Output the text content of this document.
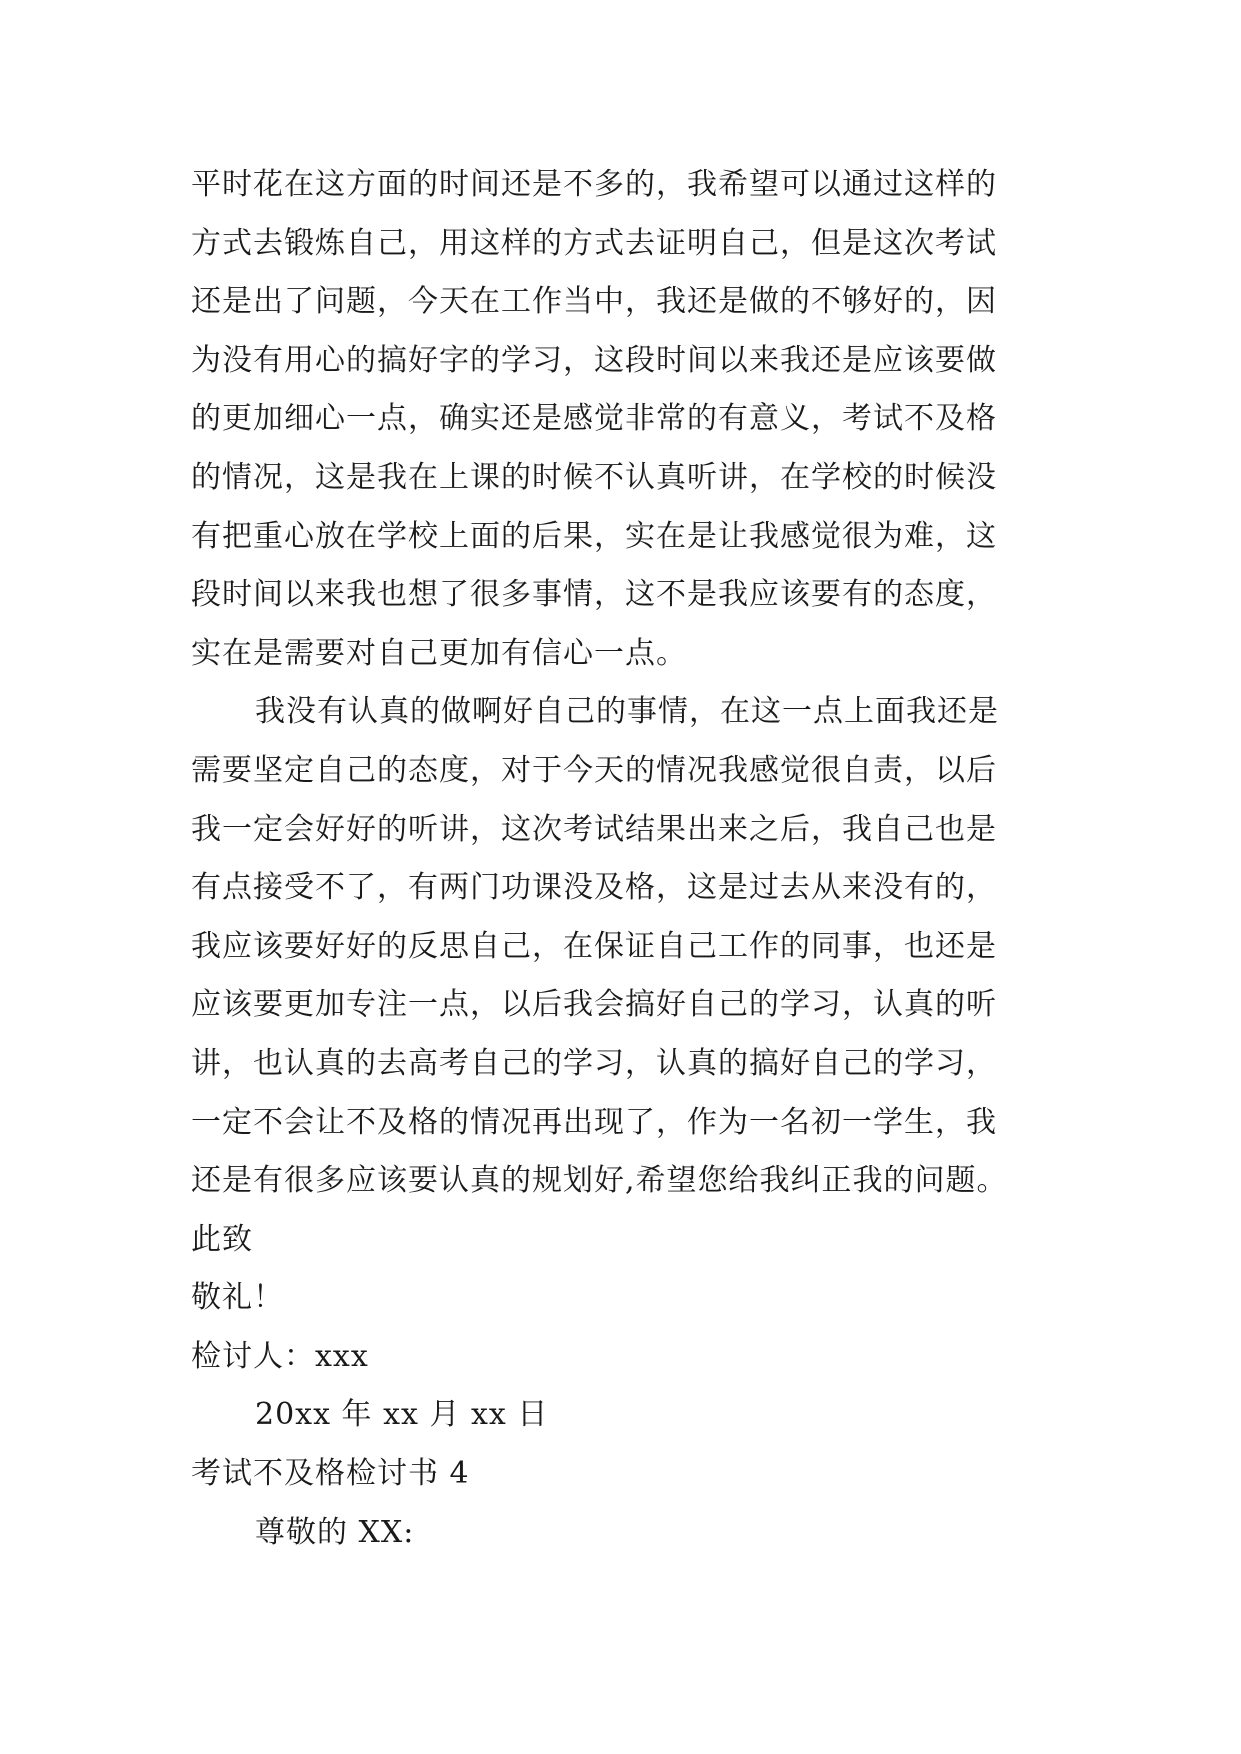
平时花在这方面的时间还是不多的，我希望可以通过这样的
方式去锻炼自己，用这样的方式去证明自己，但是这次考试
还是出了问题，今天在工作当中，我还是做的不够好的，因
为没有用心的搞好字的学习，这段时间以来我还是应该要做
的更加细心一点，确实还是感觉非常的有意义，考试不及格
的情况，这是我在上课的时候不认真听讲，在学校的时候没
有把重心放在学校上面的后果，实在是让我感觉很为难，这
段时间以来我也想了很多事情，这不是我应该要有的态度，
实在是需要对自己更加有信心一点。
我没有认真的做啊好自己的事情，在这一点上面我还是
需要坚定自己的态度，对于今天的情况我感觉很自责，以后
我一定会好好的听讲，这次考试结果出来之后，我自己也是
有点接受不了，有两门功课没及格，这是过去从来没有的，
我应该要好好的反思自己，在保证自己工作的同事，也还是
应该要更加专注一点，以后我会搞好自己的学习，认真的听
讲，也认真的去高考自己的学习，认真的搞好自己的学习，
一定不会让不及格的情况再出现了，作为一名初一学生，我
还是有很多应该要认真的规划好,希望您给我纠正我的问题。
此致
敬礼！
检讨人：xxx
20xx 年 xx 月 xx 日
考试不及格检讨书 4
尊敬的 XX:
